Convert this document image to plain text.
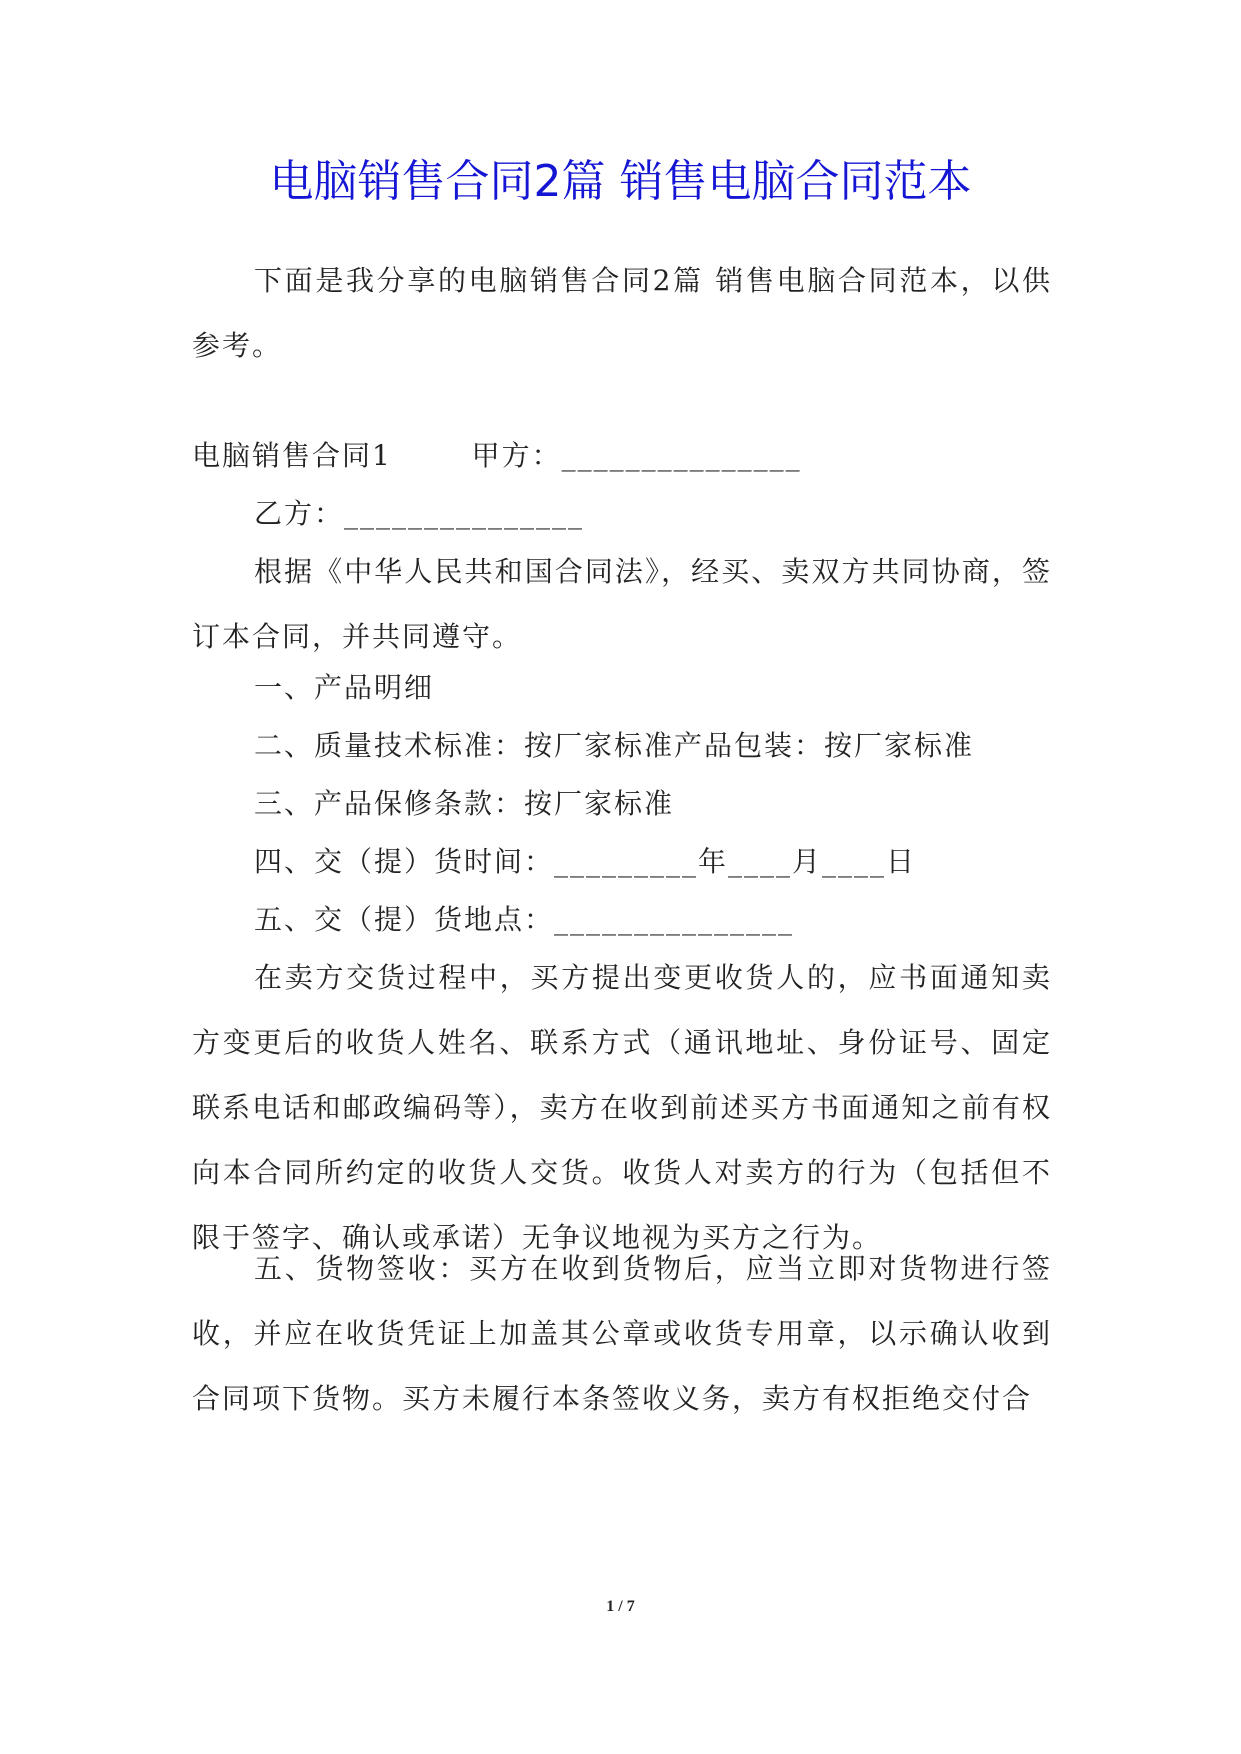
电脑销售合同2篇 销售电脑合同范本

下面是我分享的电脑销售合同2篇 销售电脑合同范本，以供参考。

电脑销售合同1	甲方：_______________
乙方：_______________

根据《中华人民共和国合同法》，经买、卖双方共同协商，签订本合同，并共同遵守。

一、产品明细
二、质量技术标准：按厂家标准产品包装：按厂家标准
三、产品保修条款：按厂家标准
四、交（提）货时间：_________年____月____日
五、交（提）货地点：_______________

在卖方交货过程中，买方提出变更收货人的，应书面通知卖方变更后的收货人姓名、联系方式（通讯地址、身份证号、固定联系电话和邮政编码等），卖方在收到前述买方书面通知之前有权向本合同所约定的收货人交货。收货人对卖方的行为（包括但不限于签字、确认或承诺）无争议地视为买方之行为。

五、货物签收：买方在收到货物后，应当立即对货物进行签收，并应在收货凭证上加盖其公章或收货专用章，以示确认收到合同项下货物。买方未履行本条签收义务，卖方有权拒绝交付合

1 / 7
